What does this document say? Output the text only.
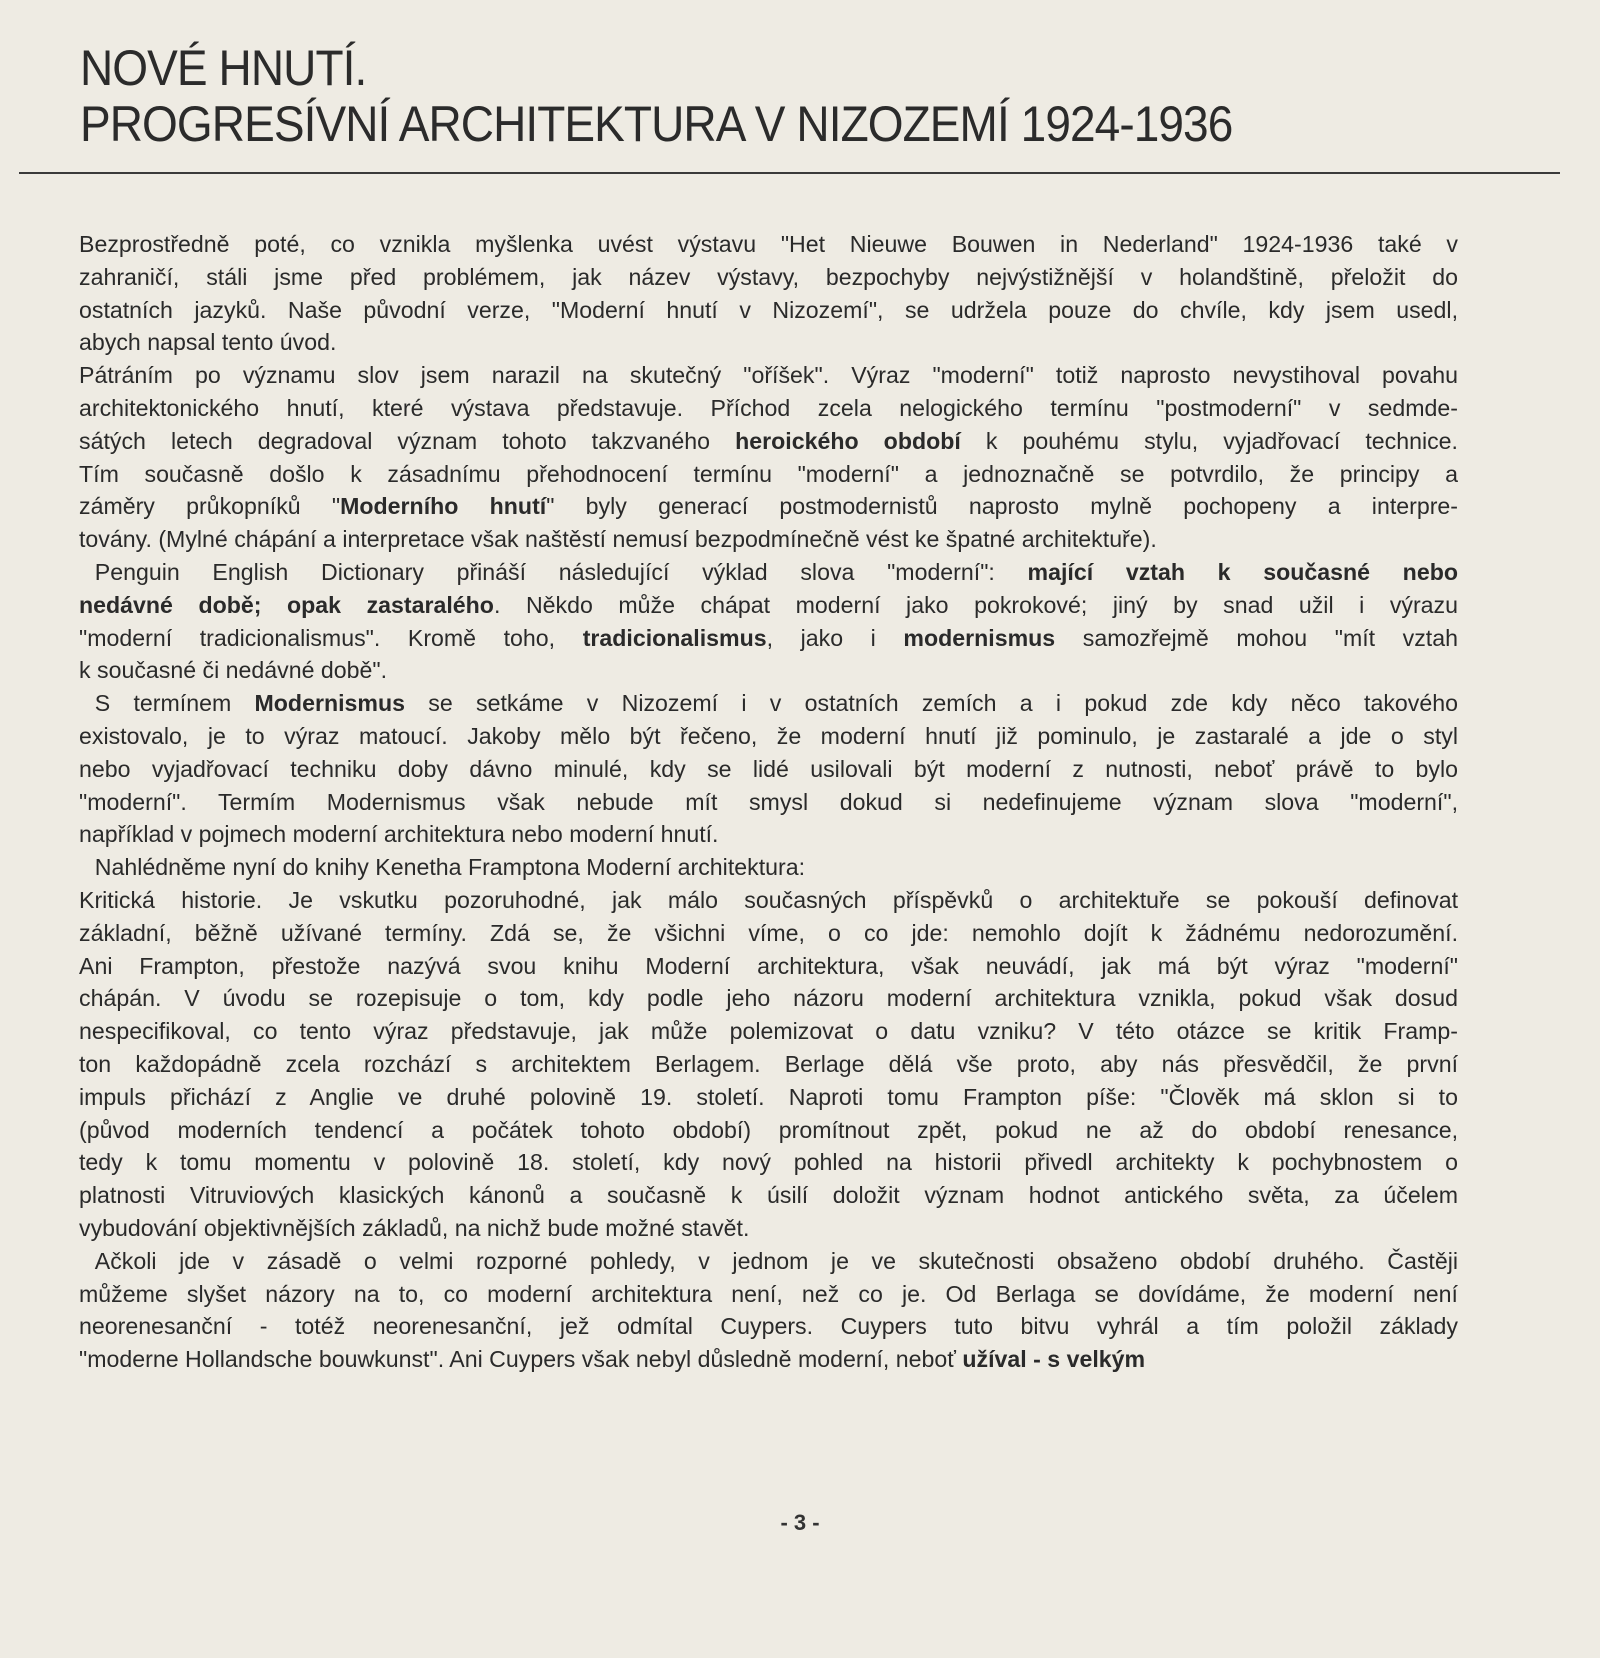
NOVÉ HNUTÍ.
PROGRESÍVNÍ ARCHITEKTURA V NIZOZEMÍ 1924-1936
Bezprostředně poté, co vznikla myšlenka uvést výstavu "Het Nieuwe Bouwen in Nederland" 1924-1936 také v
zahraničí, stáli jsme před problémem, jak název výstavy, bezpochyby nejvýstižnější v holandštině, přeložit do
ostatních jazyků. Naše původní verze, "Moderní hnutí v Nizozemí", se udržela pouze do chvíle, kdy jsem usedl,
abych napsal tento úvod.
Pátráním po významu slov jsem narazil na skutečný "oříšek". Výraz "moderní" totiž naprosto nevystihoval povahu
architektonického hnutí, které výstava představuje. Příchod zcela nelogického termínu "postmoderní" v sedmde-
sátých letech degradoval význam tohoto takzvaného heroického období k pouhému stylu, vyjadřovací technice.
Tím současně došlo k zásadnímu přehodnocení termínu "moderní" a jednoznačně se potvrdilo, že principy a
záměry průkopníků "Moderního hnutí" byly generací postmodernistů naprosto mylně pochopeny a interpre-
továny. (Mylné chápání a interpretace však naštěstí nemusí bezpodmínečně vést ke špatné architektuře).
Penguin English Dictionary přináší následující výklad slova "moderní": mající vztah k současné nebo
nedávné době; opak zastaralého. Někdo může chápat moderní jako pokrokové; jiný by snad užil i výrazu
"moderní tradicionalismus". Kromě toho, tradicionalismus, jako i modernismus samozřejmě mohou "mít vztah
k současné či nedávné době".
S termínem Modernismus se setkáme v Nizozemí i v ostatních zemích a i pokud zde kdy něco takového
existovalo, je to výraz matoucí. Jakoby mělo být řečeno, že moderní hnutí již pominulo, je zastaralé a jde o styl
nebo vyjadřovací techniku doby dávno minulé, kdy se lidé usilovali být moderní z nutnosti, neboť právě to bylo
"moderní". Termím Modernismus však nebude mít smysl dokud si nedefinujeme význam slova "moderní",
například v pojmech moderní architektura nebo moderní hnutí.
Nahlédněme nyní do knihy Kenetha Framptona Moderní architektura:
Kritická historie. Je vskutku pozoruhodné, jak málo současných příspěvků o architektuře se pokouší definovat
základní, běžně užívané termíny. Zdá se, že všichni víme, o co jde: nemohlo dojít k žádnému nedorozumění.
Ani Frampton, přestože nazývá svou knihu Moderní architektura, však neuvádí, jak má být výraz "moderní"
chápán. V úvodu se rozepisuje o tom, kdy podle jeho názoru moderní architektura vznikla, pokud však dosud
nespecifikoval, co tento výraz představuje, jak může polemizovat o datu vzniku? V této otázce se kritik Framp-
ton každopádně zcela rozchází s architektem Berlagem. Berlage dělá vše proto, aby nás přesvědčil, že první
impuls přichází z Anglie ve druhé polovině 19. století. Naproti tomu Frampton píše: "Člověk má sklon si to
(původ moderních tendencí a počátek tohoto období) promítnout zpět, pokud ne až do období renesance,
tedy k tomu momentu v polovině 18. století, kdy nový pohled na historii přivedl architekty k pochybnostem o
platnosti Vitruviových klasických kánonů a současně k úsilí doložit význam hodnot antického světa, za účelem
vybudování objektivnějších základů, na nichž bude možné stavět.
Ačkoli jde v zásadě o velmi rozporné pohledy, v jednom je ve skutečnosti obsaženo období druhého. Častěji
můžeme slyšet názory na to, co moderní architektura není, než co je. Od Berlaga se dovídáme, že moderní není
neorenesanční - totéž neorenesanční, jež odmítal Cuypers. Cuypers tuto bitvu vyhrál a tím položil základy
"moderne Hollandsche bouwkunst". Ani Cuypers však nebyl důsledně moderní, neboť užíval - s velkým
- 3 -
